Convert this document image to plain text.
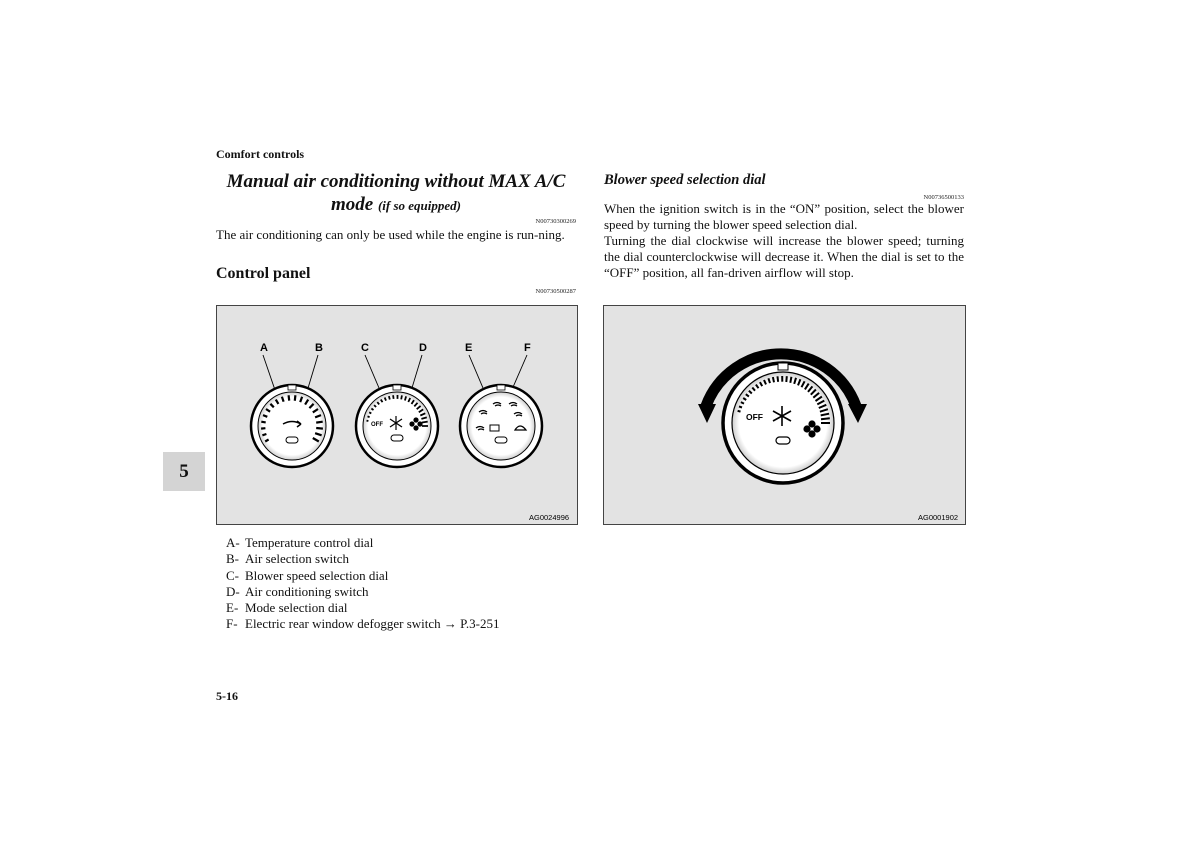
Comfort controls
5
Manual air conditioning without MAX A/C
mode (if so equipped)
N00730300269
The air conditioning can only be used while the engine is run-ning.
Control panel
N00730500287
A	B	C	D	E	F
OFF
AG0024996
A- Temperature control dial
B- Air selection switch
C- Blower speed selection dial
D- Air conditioning switch
E- Mode selection dial
F- Electric rear window defogger switch → P.3-251
Blower speed selection dial
N00736500133
When the ignition switch is in the “ON” position, select the blower speed by turning the blower speed selection dial.
Turning the dial clockwise will increase the blower speed; turning the dial counterclockwise will decrease it. When the dial is set to the “OFF” position, all fan-driven airflow will stop.
OFF
AG0001902
5-16
